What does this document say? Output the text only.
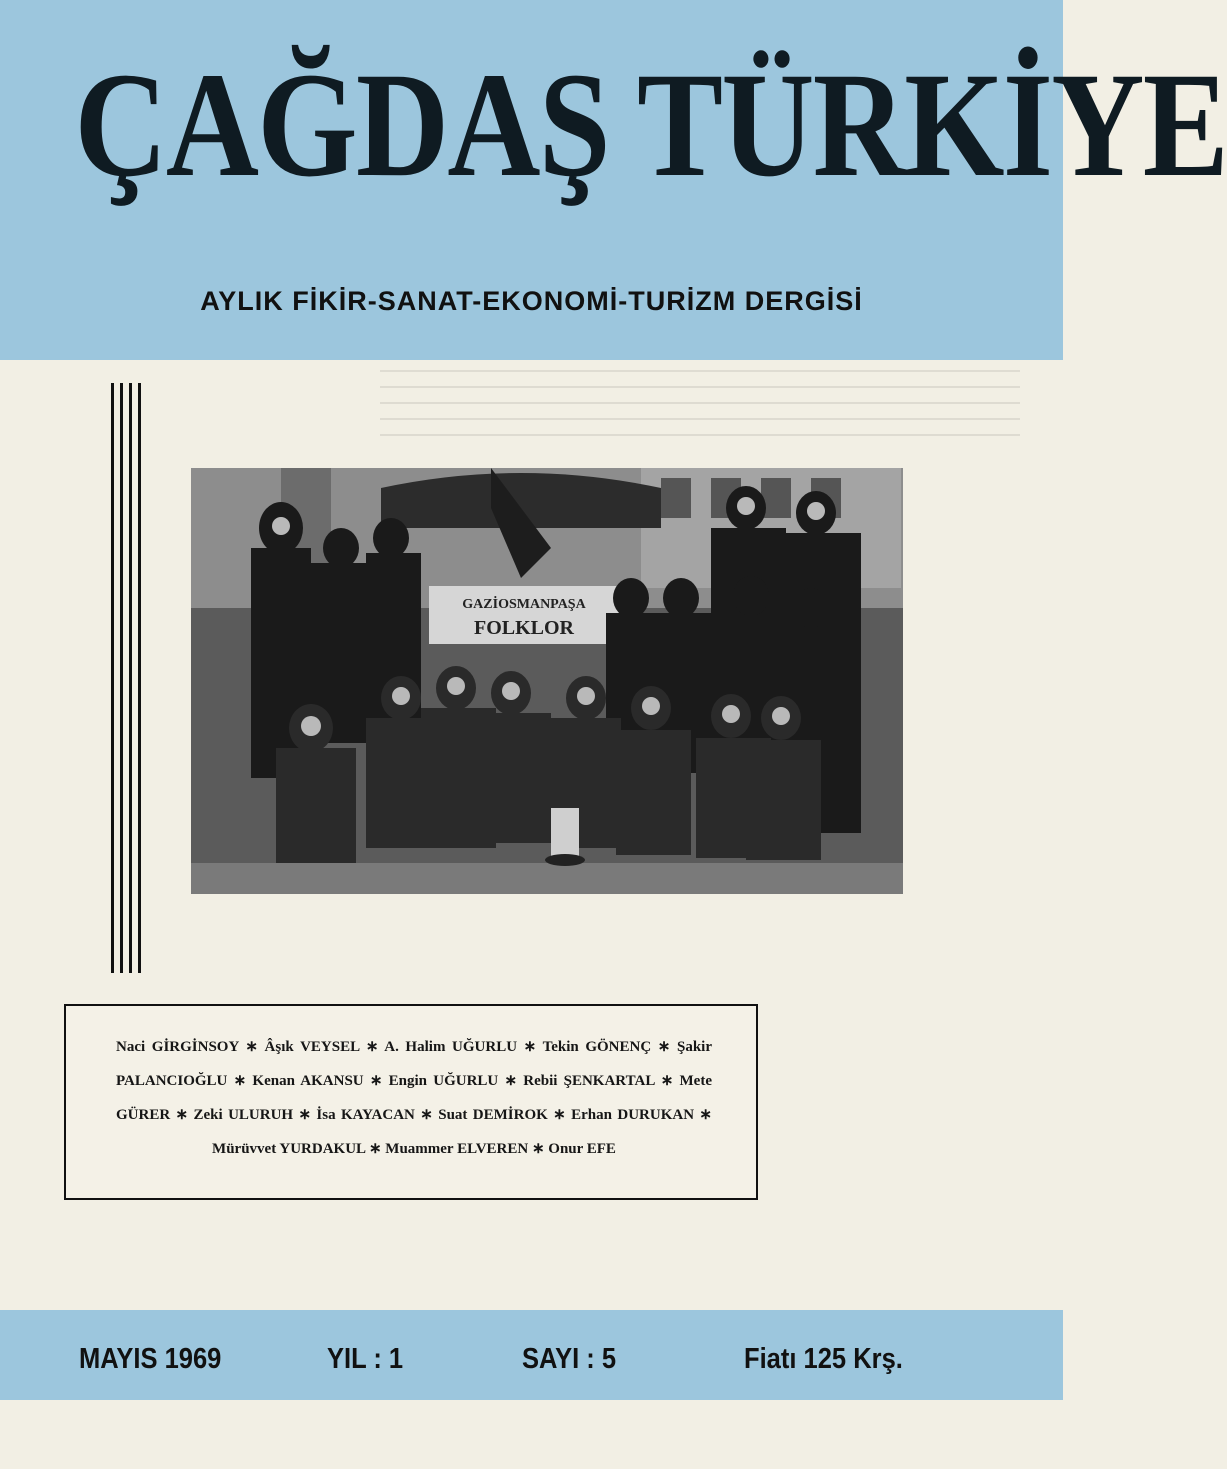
ÇAĞDAŞ TÜRKİYE
AYLIK FİKİR-SANAT-EKONOMİ-TURİZM DERGİSİ
GAZİOSMANPAŞA
FOLKLOR
Naci GİRGİNSOY ∗ Âşık VEYSEL ∗ A. Halim UĞURLU ∗ Tekin GÖNENÇ ∗ Şakir PALANCIOĞLU ∗ Kenan AKANSU ∗ Engin UĞURLU ∗ Rebii ŞENKARTAL ∗ Mete GÜRER ∗ Zeki ULURUH ∗ İsa KAYACAN ∗ Suat DEMİROK ∗ Erhan DURUKAN ∗ Mürüvvet YURDAKUL ∗ Muammer ELVEREN ∗ Onur EFE
MAYIS 1969	YIL : 1	SAYI : 5	Fiatı 125 Krş.
